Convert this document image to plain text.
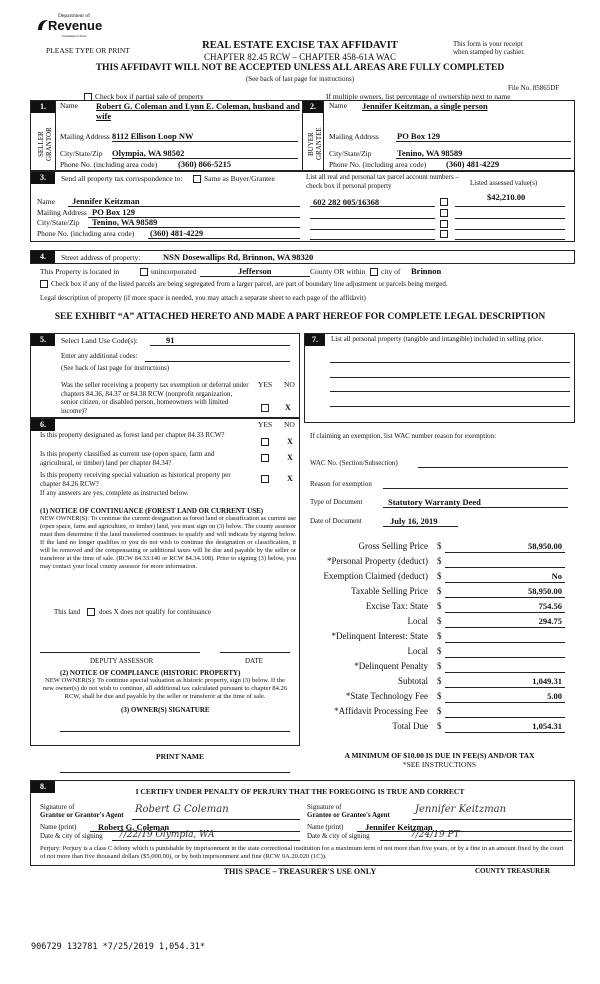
Department of
Revenue
Washington State
PLEASE TYPE OR PRINT	REAL ESTATE EXCISE TAX AFFIDAVIT
CHAPTER 82.45 RCW – CHAPTER 458-61A WAC
This form is your receipt
when stamped by cashier.
THIS AFFIDAVIT WILL NOT BE ACCEPTED UNLESS ALL AREAS ARE FULLY COMPLETED
(See back of last page for instructions)
File No. 85865DF
Check box if partial sale of property	If multiple owners, list percentage of ownership next to name
1.
SELLER GRANTOR
Name Robert G. Coleman and Lynn E. Coleman, husband and wife
Mailing Address 8112 Ellison Loop NW
City/State/Zip Olympia, WA 98502
Phone No. (including area code) (360) 866-5215
2.
BUYER GRANTEE
Name Jennifer Keitzman, a single person
Mailing Address PO Box 129
City/State/Zip	Tenino, WA 98589
Phone No. (including area code) (360) 481-4229
3.	Send all property tax correspondence to:	Same as Buyer/Grantee	List all real and personal tax parcel account numbers – check box if personal property	Listed assessed value(s)
Name Jennifer Keitzman
Mailing Address PO Box 129
City/State/Zip Tenino, WA 98589
Phone No. (including area code) (360) 481-4229
602 282 005/16368	$42,210.00
4.	Street address of property:	NSN Dosewallips Rd, Brinnon, WA 98320
This Property is located in	unincorporated	Jefferson	County OR within	city of Brinnon
Check box if any of the listed parcels are being segregated from a larger parcel, are part of boundary line adjustment or parcels being merged.
Legal description of property (if more space is needed, you may attach a separate sheet to each page of the affidavit)
SEE EXHIBIT “A” ATTACHED HERETO AND MADE A PART HEREOF FOR COMPLETE LEGAL DESCRIPTION
5.	Select Land Use Code(s):	91
Enter any additional codes:
(See back of last page for instructions)
YES NO
Was the seller receiving a property tax exemption or deferral under chapters 84.36, 84.37 or 84.38 RCW (nonprofit organization, senior citizen, or disabled person, homeowners with limited income)?	X
6.	YES NO
Is this property designated as forest land per chapter 84.33 RCW?
X
Is this property classified as current use (open space, farm and agricultural, or timber) land per chapter 84.34?
X
Is this property receiving special valuation as historical property per chapter 84.26 RCW?
X
If any answers are yes, complete as instructed below.
(1) NOTICE OF CONTINUANCE (FOREST LAND OR CURRENT USE)
NEW OWNER(S): To continue the current designation as forest land or classification as current use (open space, farm and agriculture, or timber) land, you must sign on (3) below. The county assessor must then determine if the land transferred continues to qualify and will indicate by signing below. If the land no longer qualifies or you do not wish to continue the designation or classification, it will be removed and the compensating or additional taxes will be due and payable by the seller or transferor at the time of sale. (RCW 84.33.140 or RCW 84.34.108). Prior to signing (3) below, you may contact your local county assessor for more information.
This land	does X does not qualify for continuance
DEPUTY ASSESSOR	DATE
(2) NOTICE OF COMPLIANCE (HISTORIC PROPERTY)
NEW OWNER(S): To continue special valuation as historic property, sign (3) below. If the new owner(s) do not wish to continue, all additional tax calculated pursuant to chapter 84.26 RCW, shall be due and payable by the seller or transferor at the time of sale.
(3) OWNER(S) SIGNATURE
PRINT NAME
7.	List all personal property (tangible and intangible) included in selling price.
If claiming an exemption, list WAC number reason for exemption:
WAC No. (Section/Subsection)
Reason for exemption
Type of Document	Statutory Warranty Deed
Date of Document	July 16, 2019
Gross Selling Price $	58,950.00
*Personal Property (deduct) $
Exemption Claimed (deduct) $	No
Taxable Selling Price $	58,950.00
Excise Tax: State $	754.56
Local $	294.75
*Delinquent Interest: State $
Local $
*Delinquent Penalty $
Subtotal $	1,049.31
*State Technology Fee $	5.00
*Affidavit Processing Fee $
Total Due $	1,054.31
A MINIMUM OF $10.00 IS DUE IN FEE(S) AND/OR TAX
*SEE INSTRUCTIONS
8.
I CERTIFY UNDER PENALTY OF PERJURY THAT THE FOREGOING IS TRUE AND CORRECT
Signature of
Grantor or Grantor's Agent Robert G Coleman
Name (print)	Robert G. Coleman
Date & city of signing 7/22/19 Olympia, WA
Signature of
Grantee or Grantee's Agent	Jennifer Keitzman
Name (print)	Jennifer Keitzman
Date & city of signing	7/24/19 PT
Perjury: Perjury is a class C felony which is punishable by imprisonment in the state correctional institution for a maximum term of not more than five years, or by a fine in an amount fixed by the court of not more than five thousand dollars ($5,000.00), or by both imprisonment and fine (RCW 9A.20.020 (1C)).
THIS SPACE – TREASURER'S USE ONLY	COUNTY TREASURER
906729 132781 *7/25/2019 1,054.31*
